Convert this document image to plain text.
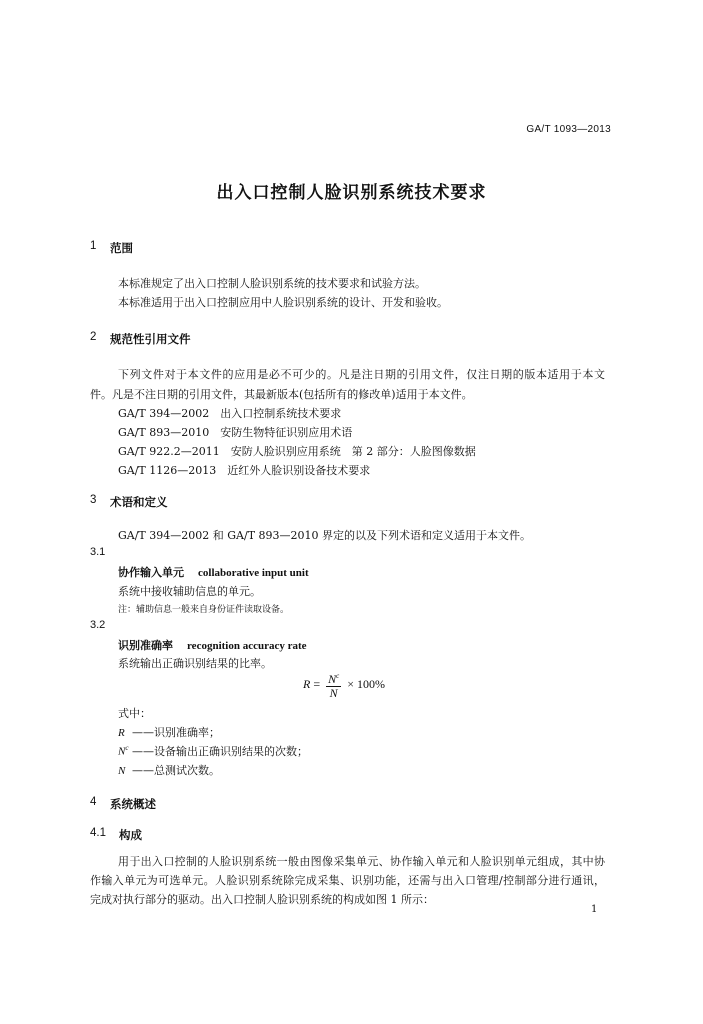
GA/T 1093—2013
出入口控制人脸识别系统技术要求
1 范围
本标准规定了出入口控制人脸识别系统的技术要求和试验方法。
本标准适用于出入口控制应用中人脸识别系统的设计、开发和验收。
2 规范性引用文件
下列文件对于本文件的应用是必不可少的。凡是注日期的引用文件，仅注日期的版本适用于本文
件。凡是不注日期的引用文件，其最新版本(包括所有的修改单)适用于本文件。
GA/T 394—2002　出入口控制系统技术要求
GA/T 893—2010　安防生物特征识别应用术语
GA/T 922.2—2011　安防人脸识别应用系统　第 2 部分：人脸图像数据
GA/T 1126—2013　近红外人脸识别设备技术要求
3 术语和定义
GA/T 394—2002 和 GA/T 893—2010 界定的以及下列术语和定义适用于本文件。
3.1
协作输入单元 collaborative input unit
系统中接收辅助信息的单元。
注：辅助信息一般来自身份证件读取设备。
3.2
识别准确率 recognition accuracy rate
系统输出正确识别结果的比率。
$R = \frac{N^c}{N} \times 100\%$
式中：
R ——识别准确率；
$N^c$ ——设备输出正确识别结果的次数；
N ——总测试次数。
4 系统概述
4.1 构成
用于出入口控制的人脸识别系统一般由图像采集单元、协作输入单元和人脸识别单元组成，其中协
作输入单元为可选单元。人脸识别系统除完成采集、识别功能，还需与出入口管理/控制部分进行通讯，
完成对执行部分的驱动。出入口控制人脸识别系统的构成如图 1 所示：
1
